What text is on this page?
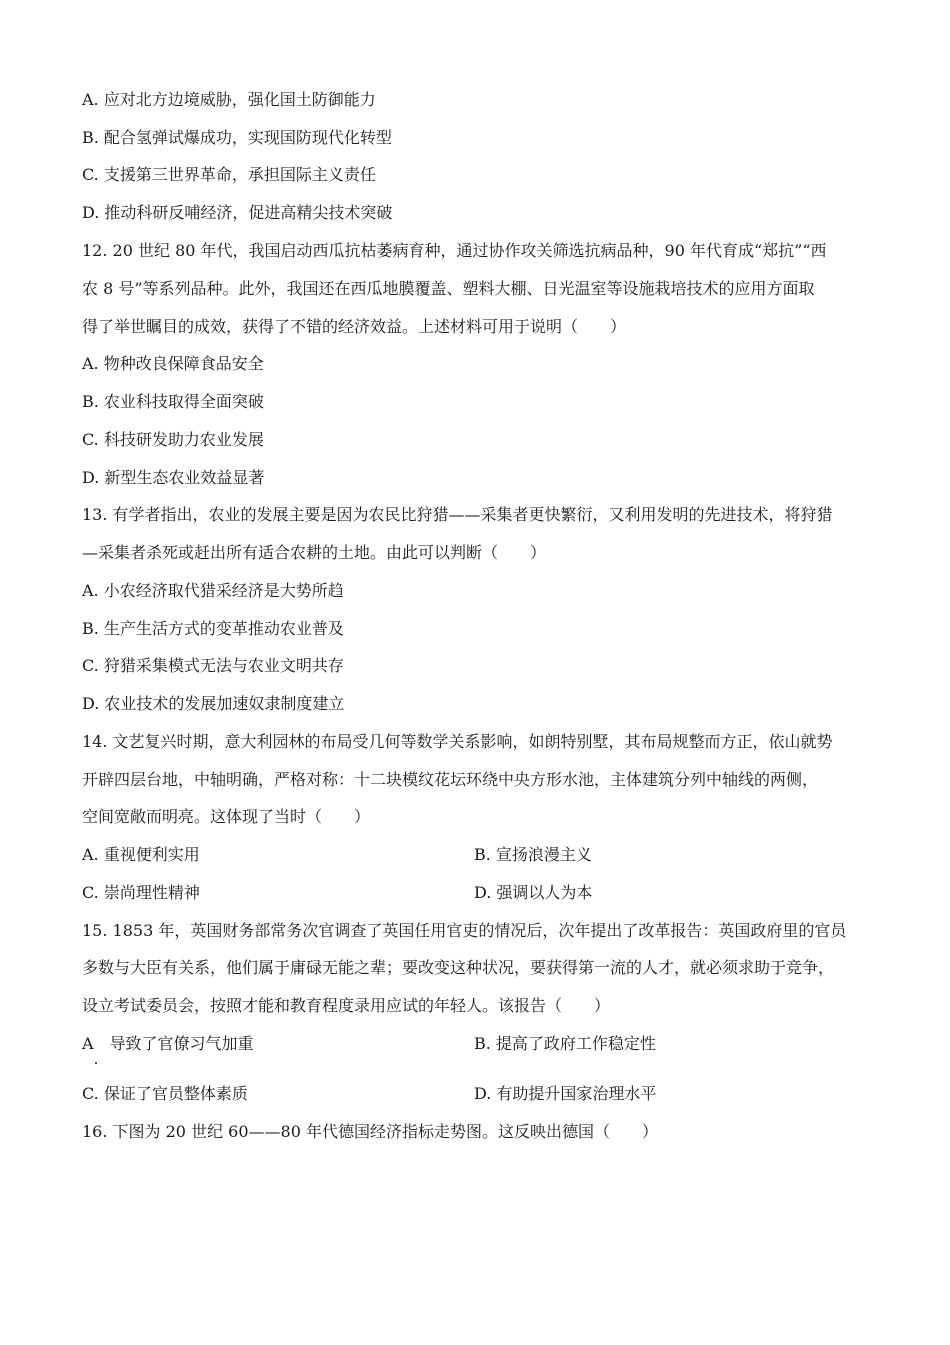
A. 应对北方边境威胁，强化国土防御能力
B. 配合氢弹试爆成功，实现国防现代化转型
C. 支援第三世界革命，承担国际主义责任
D. 推动科研反哺经济，促进高精尖技术突破
12. 20 世纪 80 年代，我国启动西瓜抗枯萎病育种，通过协作攻关筛选抗病品种，90 年代育成“郑抗”“西
农 8 号”等系列品种。此外，我国还在西瓜地膜覆盖、塑料大棚、日光温室等设施栽培技术的应用方面取
得了举世瞩目的成效，获得了不错的经济效益。上述材料可用于说明（　　）
A. 物种改良保障食品安全
B. 农业科技取得全面突破
C. 科技研发助力农业发展
D. 新型生态农业效益显著
13. 有学者指出，农业的发展主要是因为农民比狩猎——采集者更快繁衍，又利用发明的先进技术，将狩猎
—采集者杀死或赶出所有适合农耕的土地。由此可以判断（　　）
A. 小农经济取代猎采经济是大势所趋
B. 生产生活方式的变革推动农业普及
C. 狩猎采集模式无法与农业文明共存
D. 农业技术的发展加速奴隶制度建立
14. 文艺复兴时期，意大利园林的布局受几何等数学关系影响，如朗特别墅，其布局规整而方正，依山就势
开辟四层台地，中轴明确，严格对称：十二块模纹花坛环绕中央方形水池，主体建筑分列中轴线的两侧，
空间宽敞而明亮。这体现了当时（　　）
A. 重视便利实用	B. 宣扬浪漫主义
C. 崇尚理性精神	D. 强调以人为本
15. 1853 年，英国财务部常务次官调查了英国任用官吏的情况后，次年提出了改革报告：英国政府里的官员
多数与大臣有关系，他们属于庸碌无能之辈；要改变这种状况，要获得第一流的人才，就必须求助于竞争，
设立考试委员会，按照才能和教育程度录用应试的年轻人。该报告（　　）
A　导致了官僚习气加重	B. 提高了政府工作稳定性
C. 保证了官员整体素质	D. 有助提升国家治理水平
16. 下图为 20 世纪 60——80 年代德国经济指标走势图。这反映出德国（　　）
